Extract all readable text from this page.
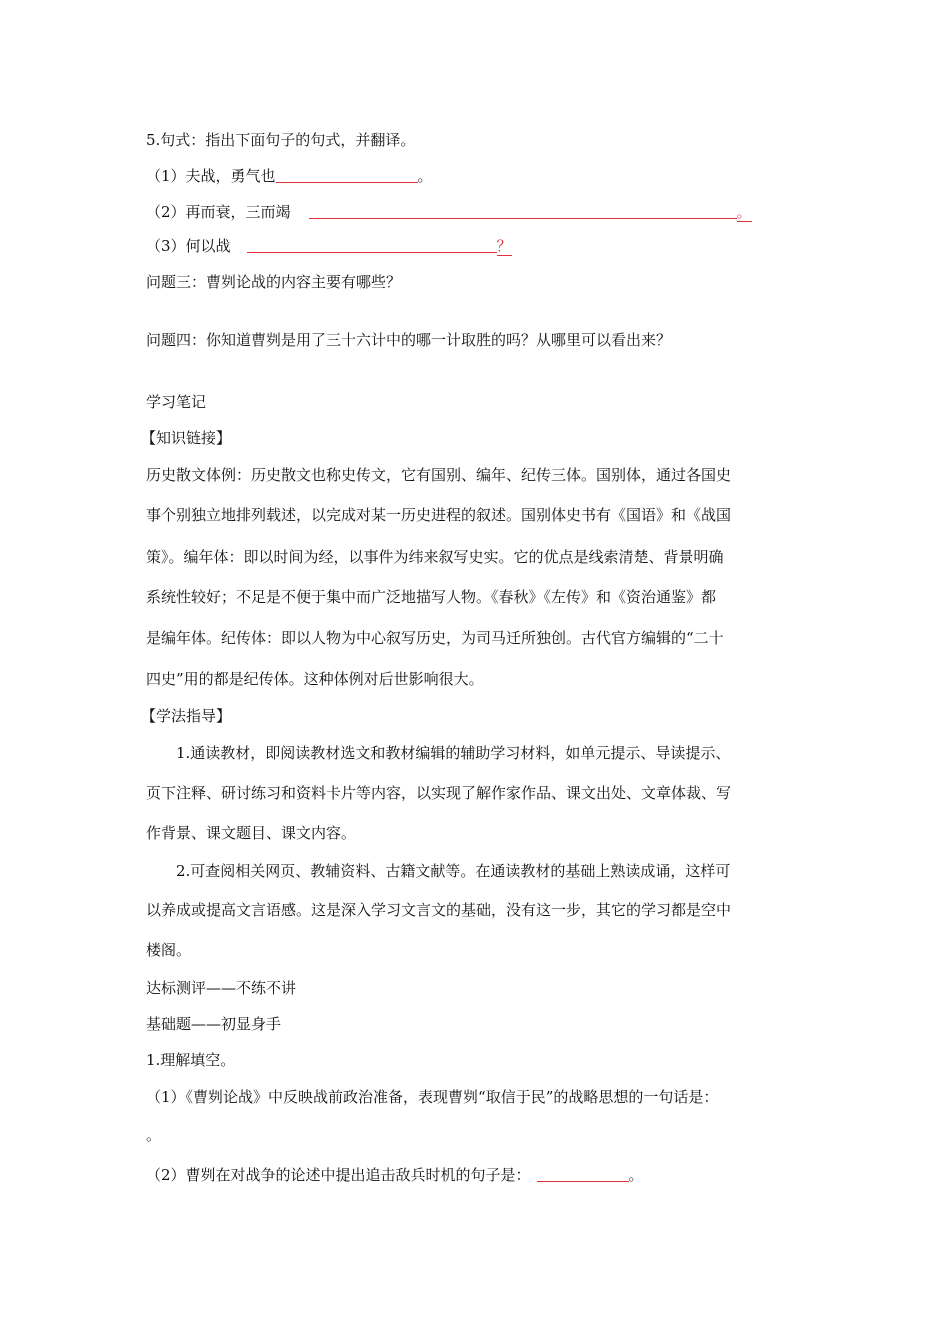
5.句式：指出下面句子的句式，并翻译。
（1）夫战，勇气也	。
（2）再而衰，三而竭	。
（3）何以战	？
问题三：曹刿论战的内容主要有哪些？
问题四：你知道曹刿是用了三十六计中的哪一计取胜的吗？从哪里可以看出来？
学习笔记
【知识链接】
历史散文体例：历史散文也称史传文，它有国别、编年、纪传三体。国别体，通过各国史
事个别独立地排列载述，以完成对某一历史进程的叙述。国别体史书有《国语》和《战国
策》。编年体：即以时间为经，以事件为纬来叙写史实。它的优点是线索清楚、背景明确
系统性较好；不足是不便于集中而广泛地描写人物。《春秋》《左传》和《资治通鉴》都
是编年体。纪传体：即以人物为中心叙写历史，为司马迁所独创。古代官方编辑的“二十
四史”用的都是纪传体。这种体例对后世影响很大。
【学法指导】
1.通读教材，即阅读教材选文和教材编辑的辅助学习材料，如单元提示、导读提示、
页下注释、研讨练习和资料卡片等内容，以实现了解作家作品、课文出处、文章体裁、写
作背景、课文题目、课文内容。
2.可查阅相关网页、教辅资料、古籍文献等。在通读教材的基础上熟读成诵，这样可
以养成或提高文言语感。这是深入学习文言文的基础，没有这一步，其它的学习都是空中
楼阁。
达标测评——不练不讲
基础题——初显身手
1.理解填空。
（1）《曹刿论战》中反映战前政治准备，表现曹刿“取信于民”的战略思想的一句话是：
。
（2）曹刿在对战争的论述中提出追击敌兵时机的句子是：	。
